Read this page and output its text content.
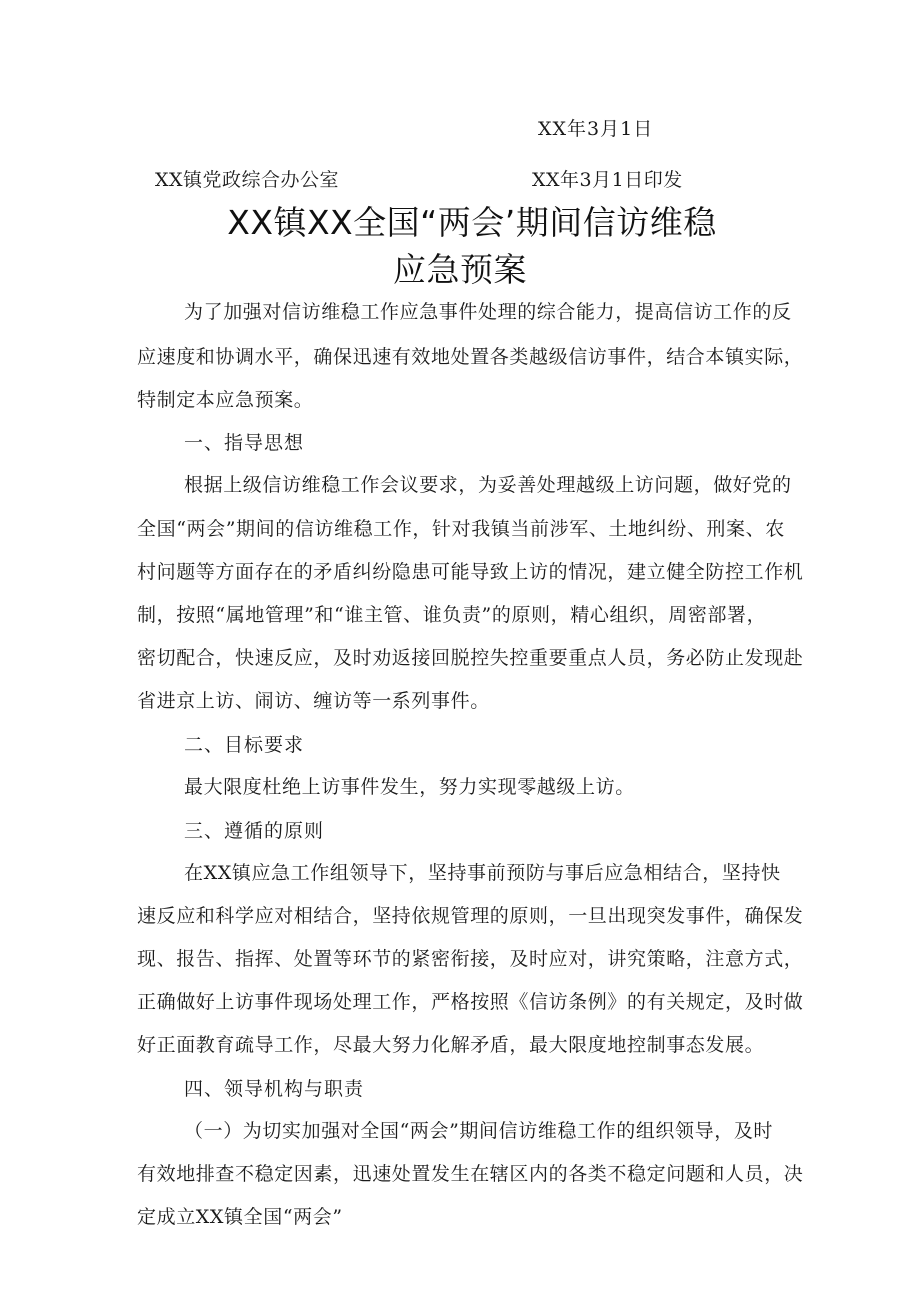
XX年3月1日

XX镇党政综合办公室	XX年3月1日印发

XX镇XX全国“两会’期间信访维稳
应急预案

为了加强对信访维稳工作应急事件处理的综合能力，提高信访工作的反

应速度和协调水平，确保迅速有效地处置各类越级信访事件，结合本镇实际，

特制定本应急预案。

一、指导思想

根据上级信访维稳工作会议要求，为妥善处理越级上访问题，做好党的

全国“两会”期间的信访维稳工作，针对我镇当前涉军、土地纠纷、刑案、农

村问题等方面存在的矛盾纠纷隐患可能导致上访的情况，建立健全防控工作机

制，按照“属地管理”和“谁主管、谁负责”的原则，精心组织，周密部署，

密切配合，快速反应，及时劝返接回脱控失控重要重点人员，务必防止发现赴

省进京上访、闹访、缠访等一系列事件。

二、目标要求

最大限度杜绝上访事件发生，努力实现零越级上访。

三、遵循的原则

在XX镇应急工作组领导下，坚持事前预防与事后应急相结合，坚持快

速反应和科学应对相结合，坚持依规管理的原则，一旦出现突发事件，确保发

现、报告、指挥、处置等环节的紧密衔接，及时应对，讲究策略，注意方式，

正确做好上访事件现场处理工作，严格按照《信访条例》的有关规定，及时做

好正面教育疏导工作，尽最大努力化解矛盾，最大限度地控制事态发展。

四、领导机构与职责

（一）为切实加强对全国“两会”期间信访维稳工作的组织领导，及时

有效地排查不稳定因素，迅速处置发生在辖区内的各类不稳定问题和人员，决

定成立XX镇全国“两会”
